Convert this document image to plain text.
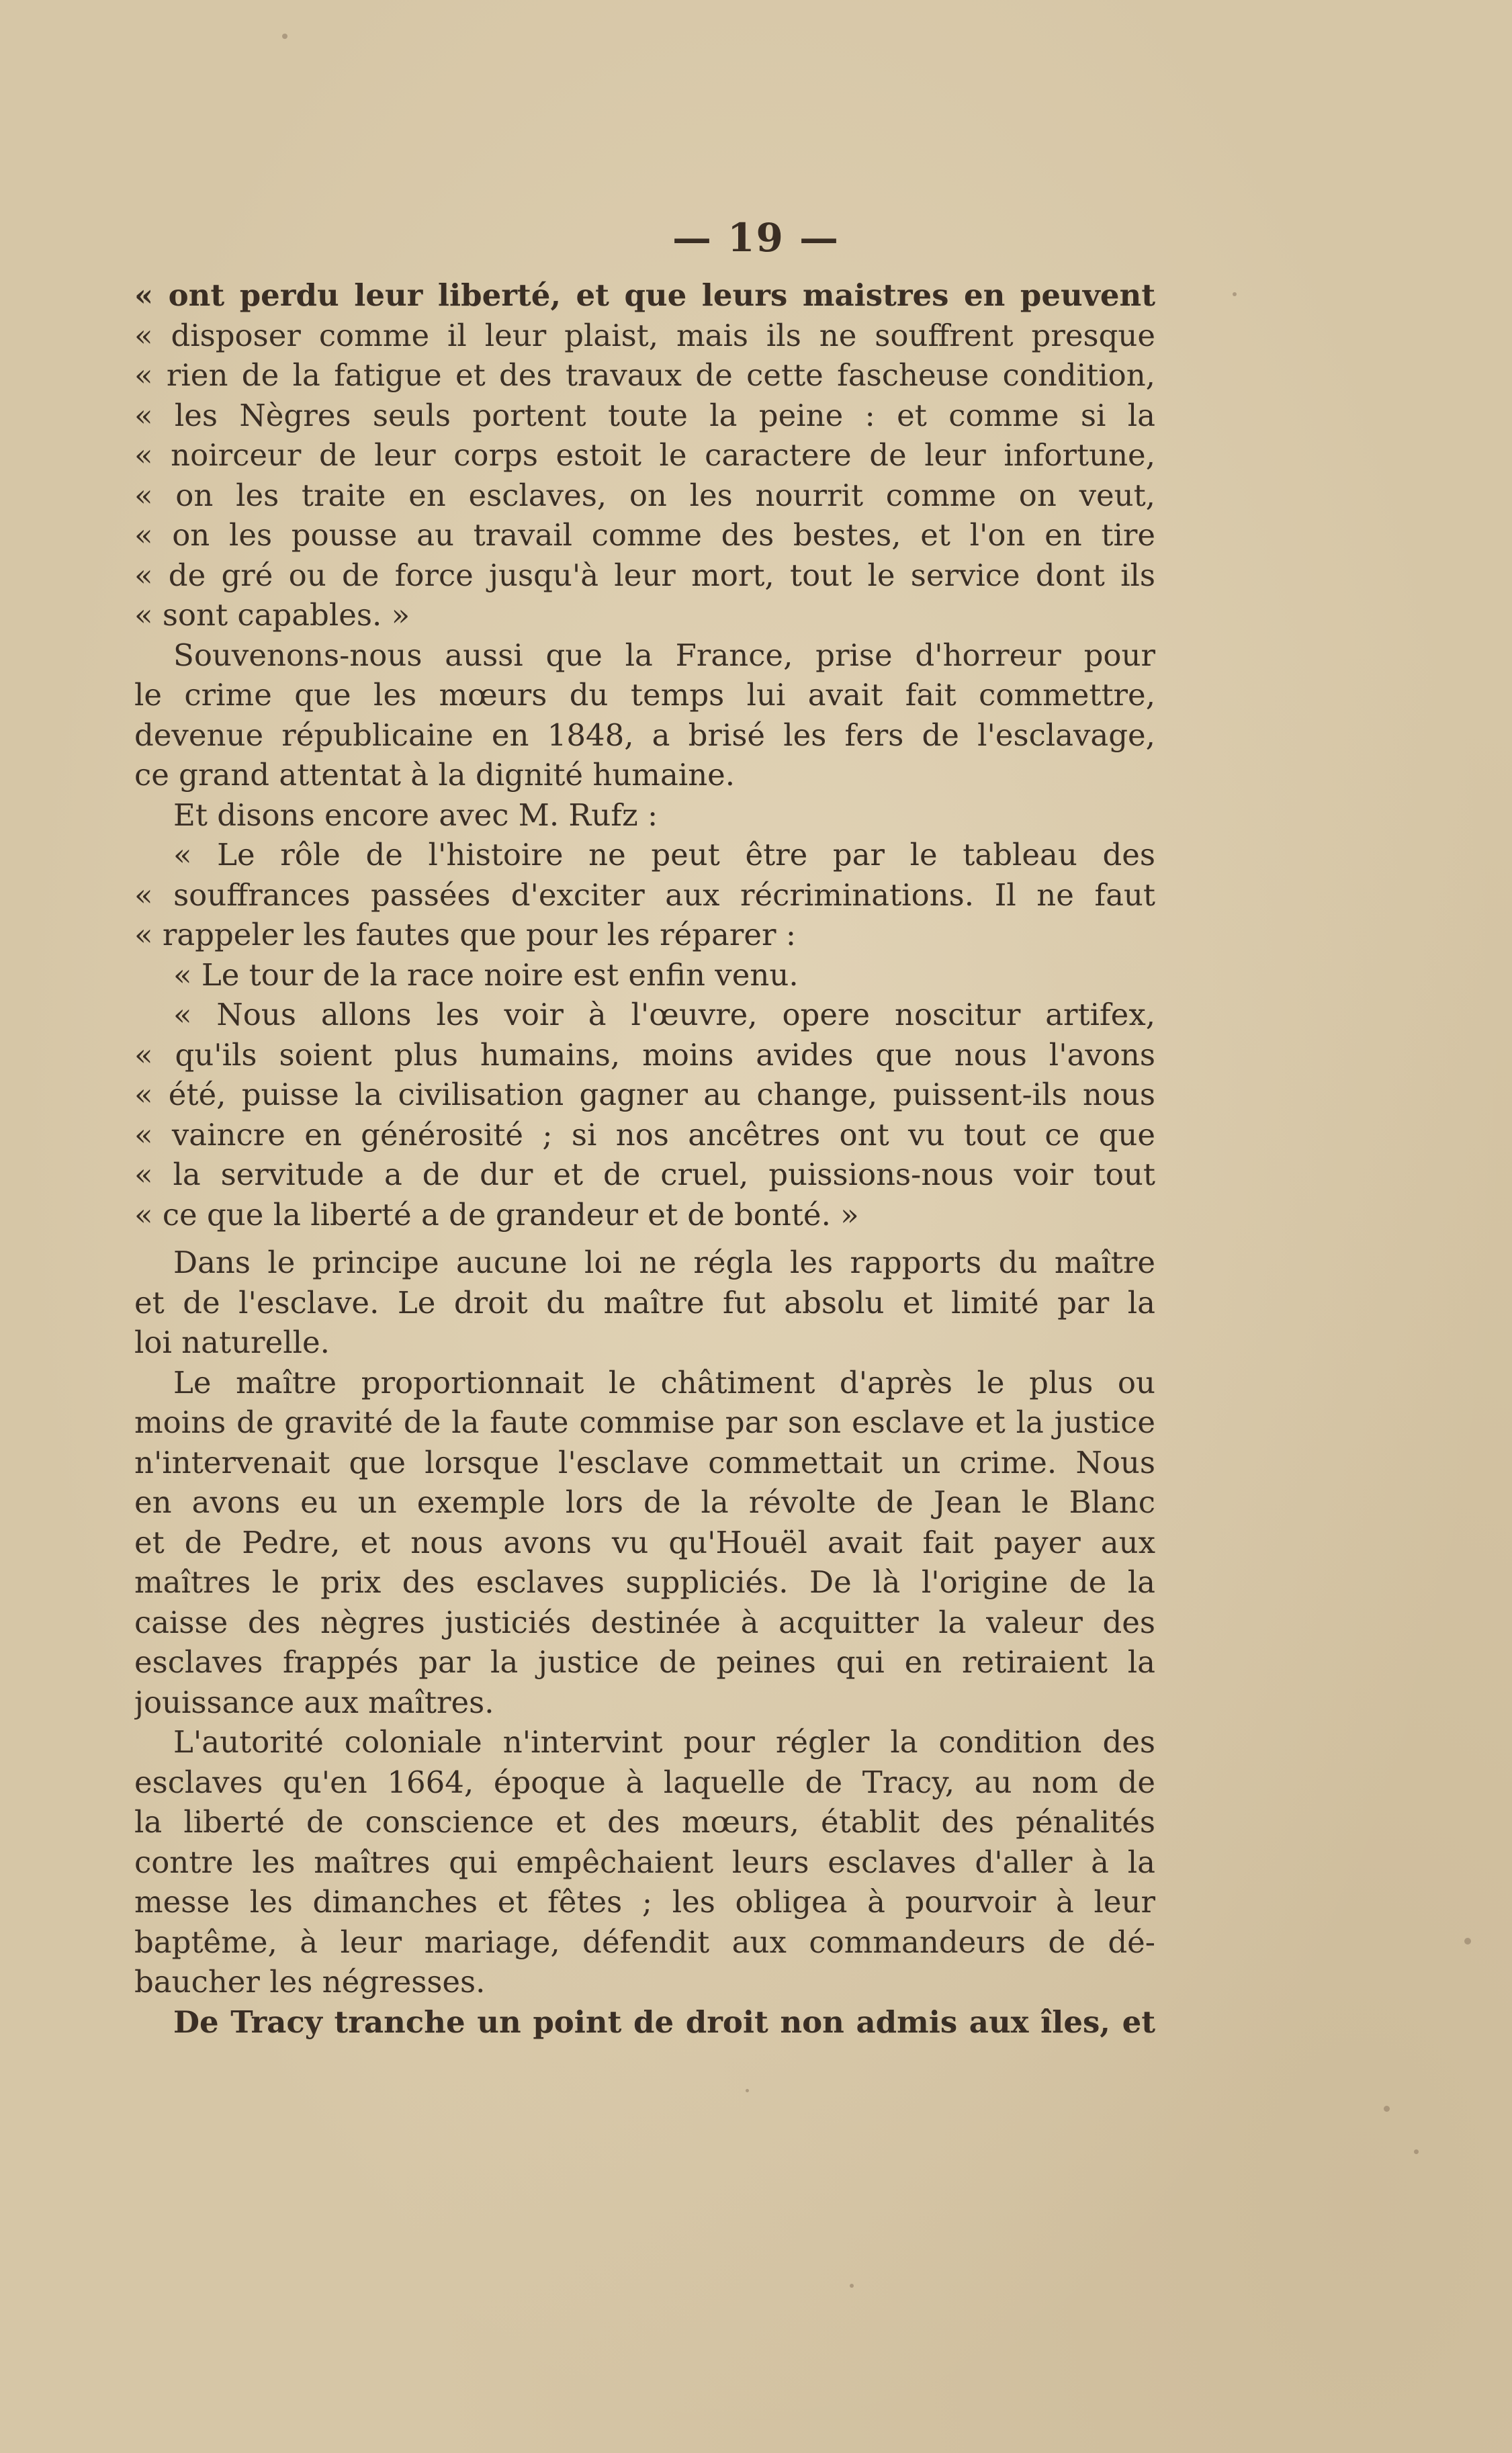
— 19 —
« ont perdu leur liberté, et que leurs maistres en peuvent
« disposer comme il leur plaist, mais ils ne souffrent presque
« rien de la fatigue et des travaux de cette fascheuse condition,
« les Nègres seuls portent toute la peine : et comme si la
« noirceur de leur corps estoit le caractere de leur infortune,
« on les traite en esclaves, on les nourrit comme on veut,
« on les pousse au travail comme des bestes, et l'on en tire
« de gré ou de force jusqu'à leur mort, tout le service dont ils
« sont capables. »
Souvenons-nous aussi que la France, prise d'horreur pour
le crime que les mœurs du temps lui avait fait commettre,
devenue républicaine en 1848, a brisé les fers de l'esclavage,
ce grand attentat à la dignité humaine.
Et disons encore avec M. Rufz :
« Le rôle de l'histoire ne peut être par le tableau des
« souffrances passées d'exciter aux récriminations. Il ne faut
« rappeler les fautes que pour les réparer :
« Le tour de la race noire est enfin venu.
« Nous allons les voir à l'œuvre, opere noscitur artifex,
« qu'ils soient plus humains, moins avides que nous l'avons
« été, puisse la civilisation gagner au change, puissent-ils nous
« vaincre en générosité ; si nos ancêtres ont vu tout ce que
« la servitude a de dur et de cruel, puissions-nous voir tout
« ce que la liberté a de grandeur et de bonté. »
Dans le principe aucune loi ne régla les rapports du maître
et de l'esclave. Le droit du maître fut absolu et limité par la
loi naturelle.
Le maître proportionnait le châtiment d'après le plus ou
moins de gravité de la faute commise par son esclave et la justice
n'intervenait que lorsque l'esclave commettait un crime. Nous
en avons eu un exemple lors de la révolte de Jean le Blanc
et de Pedre, et nous avons vu qu'Houël avait fait payer aux
maîtres le prix des esclaves suppliciés. De là l'origine de la
caisse des nègres justiciés destinée à acquitter la valeur des
esclaves frappés par la justice de peines qui en retiraient la
jouissance aux maîtres.
L'autorité coloniale n'intervint pour régler la condition des
esclaves qu'en 1664, époque à laquelle de Tracy, au nom de
la liberté de conscience et des mœurs, établit des pénalités
contre les maîtres qui empêchaient leurs esclaves d'aller à la
messe les dimanches et fêtes ; les obligea à pourvoir à leur
baptême, à leur mariage, défendit aux commandeurs de dé-
baucher les négresses.
De Tracy tranche un point de droit non admis aux îles, et
